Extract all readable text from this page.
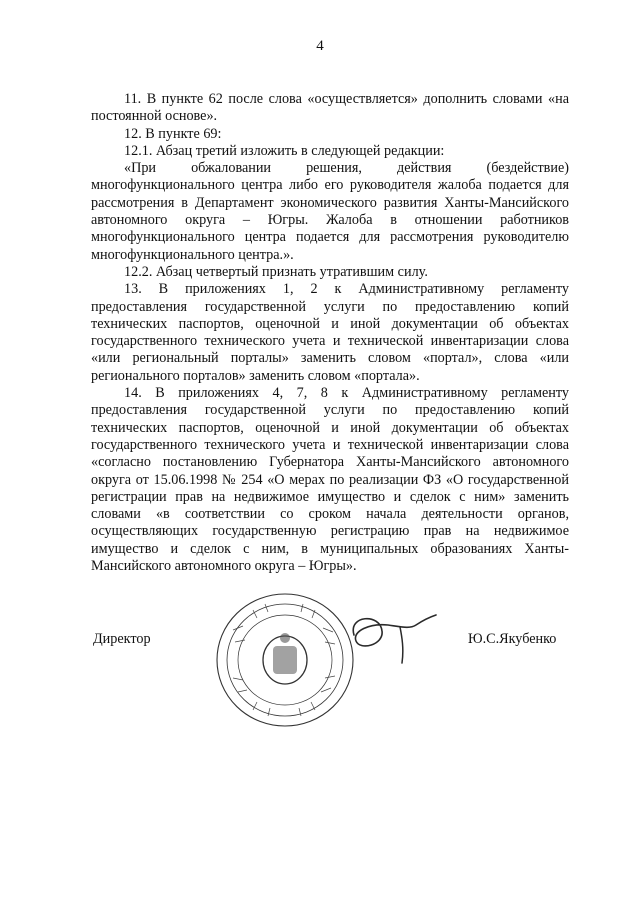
4

11. В пункте 62 после слова «осуществляется» дополнить словами «на постоянной основе».

12. В пункте 69:

12.1. Абзац третий изложить в следующей редакции:

«При обжаловании решения, действия (бездействие) многофункционального центра либо его руководителя жалоба подается для рассмотрения в Департамент экономического развития Ханты-Мансийского автономного округа – Югры. Жалоба в отношении работников многофункционального центра подается для рассмотрения руководителю многофункционального центра.».

12.2. Абзац четвертый признать утратившим силу.

13. В приложениях 1, 2 к Административному регламенту предоставления государственной услуги по предоставлению копий технических паспортов, оценочной и иной документации об объектах государственного технического учета и технической инвентаризации слова «или региональный порталы» заменить словом «портал», слова «или регионального порталов» заменить словом «портала».

14. В приложениях 4, 7, 8 к Административному регламенту предоставления государственной услуги по предоставлению копий технических паспортов, оценочной и иной документации об объектах государственного технического учета и технической инвентаризации слова «согласно постановлению Губернатора Ханты-Мансийского автономного округа от 15.06.1998 № 254 «О мерах по реализации ФЗ «О государственной регистрации прав на недвижимое имущество и сделок с ним» заменить словами «в соответствии со сроком начала деятельности органов, осуществляющих государственную регистрацию прав на недвижимое имущество и сделок с ним, в муниципальных образованиях Ханты-Мансийского автономного округа – Югры».

Директор	Ю.С.Якубенко
